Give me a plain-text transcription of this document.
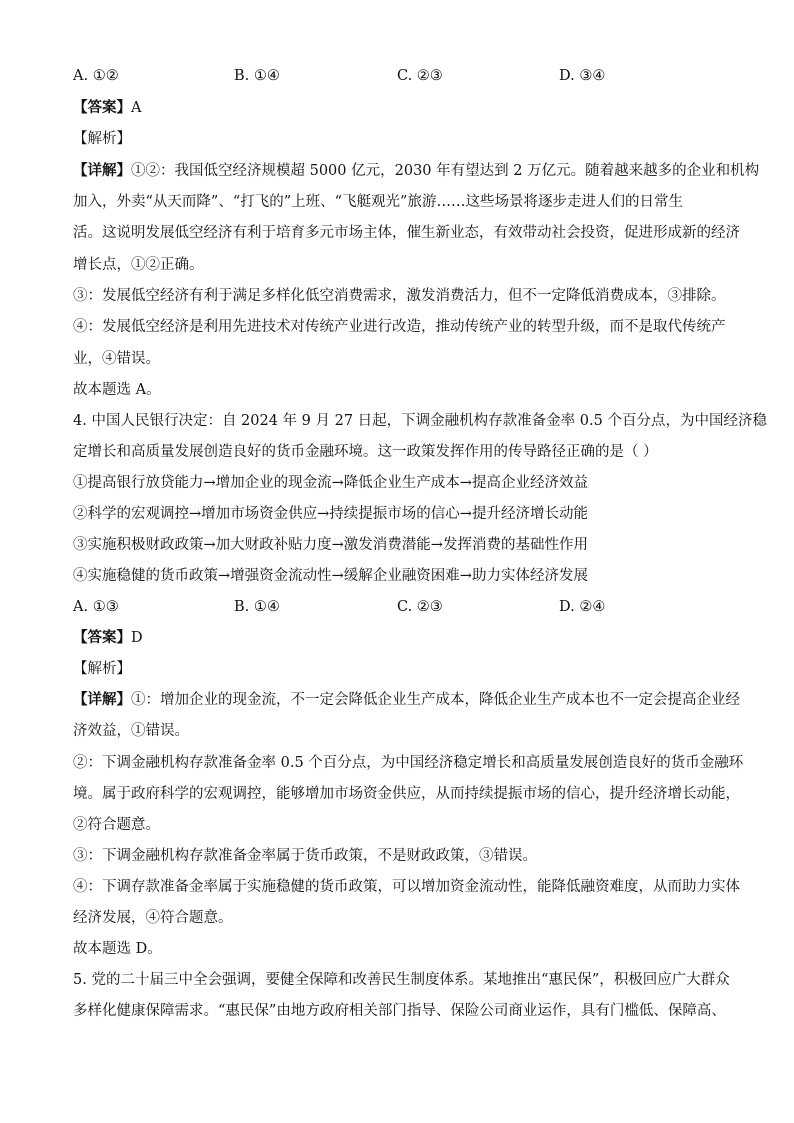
A. ①②	B. ①④	C. ②③	D. ③④
【答案】A
【解析】
【详解】①②：我国低空经济规模超 5000 亿元，2030 年有望达到 2 万亿元。随着越来越多的企业和机构
加入，外卖“从天而降”、“打飞的”上班、“飞艇观光”旅游……这些场景将逐步走进人们的日常生
活。这说明发展低空经济有利于培育多元市场主体，催生新业态，有效带动社会投资，促进形成新的经济
增长点，①②正确。
③：发展低空经济有利于满足多样化低空消费需求，激发消费活力，但不一定降低消费成本，③排除。
④：发展低空经济是利用先进技术对传统产业进行改造，推动传统产业的转型升级，而不是取代传统产
业，④错误。
故本题选 A。
4. 中国人民银行决定：自 2024 年 9 月 27 日起，下调金融机构存款准备金率 0.5 个百分点，为中国经济稳
定增长和高质量发展创造良好的货币金融环境。这一政策发挥作用的传导路径正确的是（ ）
①提高银行放贷能力→增加企业的现金流→降低企业生产成本→提高企业经济效益
②科学的宏观调控→增加市场资金供应→持续提振市场的信心→提升经济增长动能
③实施积极财政政策→加大财政补贴力度→激发消费潜能→发挥消费的基础性作用
④实施稳健的货币政策→增强资金流动性→缓解企业融资困难→助力实体经济发展
A. ①③	B. ①④	C. ②③	D. ②④
【答案】D
【解析】
【详解】①：增加企业的现金流，不一定会降低企业生产成本，降低企业生产成本也不一定会提高企业经
济效益，①错误。
②：下调金融机构存款准备金率 0.5 个百分点，为中国经济稳定增长和高质量发展创造良好的货币金融环
境。属于政府科学的宏观调控，能够增加市场资金供应，从而持续提振市场的信心，提升经济增长动能，
②符合题意。
③：下调金融机构存款准备金率属于货币政策，不是财政政策，③错误。
④：下调存款准备金率属于实施稳健的货币政策，可以增加资金流动性，能降低融资难度，从而助力实体
经济发展，④符合题意。
故本题选 D。
5. 党的二十届三中全会强调，要健全保障和改善民生制度体系。某地推出“惠民保”，积极回应广大群众
多样化健康保障需求。“惠民保”由地方政府相关部门指导、保险公司商业运作，具有门槛低、保障高、
